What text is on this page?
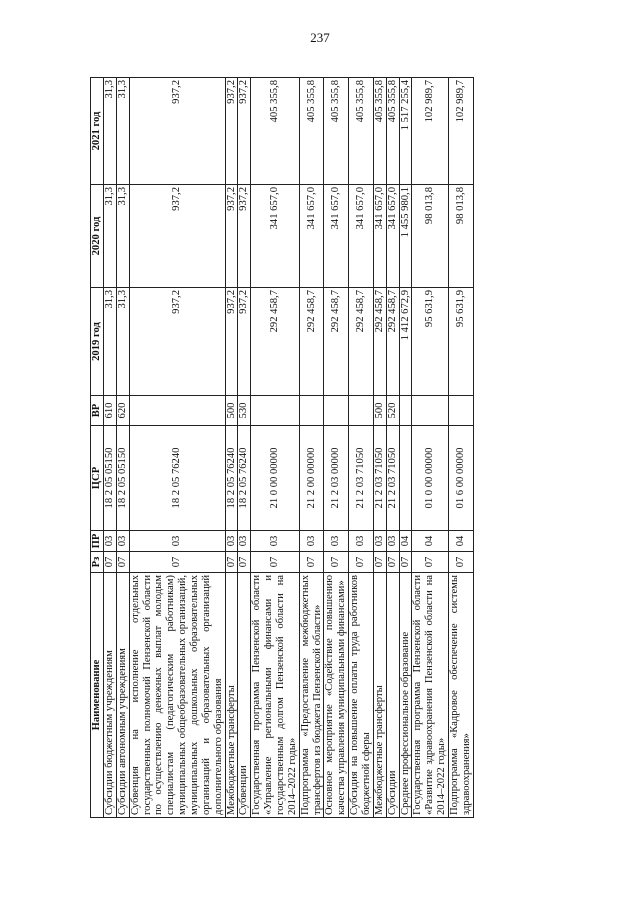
237
Наименование	Рз	ПР	ЦСР	ВР	2019 год	2020 год	2021 год
Субсидии бюджетным учреждениям	07	03	18 2 05 05150	610	31,3	31,3	31,3
Субсидии автономным учреждениям	07	03	18 2 05 05150	620	31,3	31,3	31,3
Субвенция на исполнение отдельных государственных полномочий Пензенской области по осуществлению денежных выплат молодым специалистам (педагогическим работникам) муниципальных общеобразовательных организаций, муниципальных дошкольных образовательных организаций и образовательных организаций дополнительного образования	07	03	18 2 05 76240		937,2	937,2	937,2
Межбюджетные трансферты	07	03	18 2 05 76240	500	937,2	937,2	937,2
Субвенции	07	03	18 2 05 76240	530	937,2	937,2	937,2
Государственная программа Пензенской области «Управление региональными финансами и государственным долгом Пензенской области на 2014–2022 годы»	07	03	21 0 00 00000		292 458,7	341 657,0	405 355,8
Подпрограмма «Предоставление межбюджетных трансфертов из бюджета Пензенской области»	07	03	21 2 00 00000		292 458,7	341 657,0	405 355,8
Основное мероприятие «Содействие повышению качества управления муниципальными финансами»	07	03	21 2 03 00000		292 458,7	341 657,0	405 355,8
Субсидия на повышение оплаты труда работников бюджетной сферы	07	03	21 2 03 71050		292 458,7	341 657,0	405 355,8
Межбюджетные трансферты	07	03	21 2 03 71050	500	292 458,7	341 657,0	405 355,8
Субсидии	07	03	21 2 03 71050	520	292 458,7	341 657,0	405 355,8
Среднее профессиональное образование	07	04			1 412 672,9	1 455 980,1	1 517 255,4
Государственная программа Пензенской области «Развитие здравоохранения Пензенской области на 2014–2022 годы»	07	04	01 0 00 00000		95 631,9	98 013,8	102 989,7
Подпрограмма «Кадровое обеспечение системы здравоохранения»	07	04	01 6 00 00000		95 631,9	98 013,8	102 989,7
